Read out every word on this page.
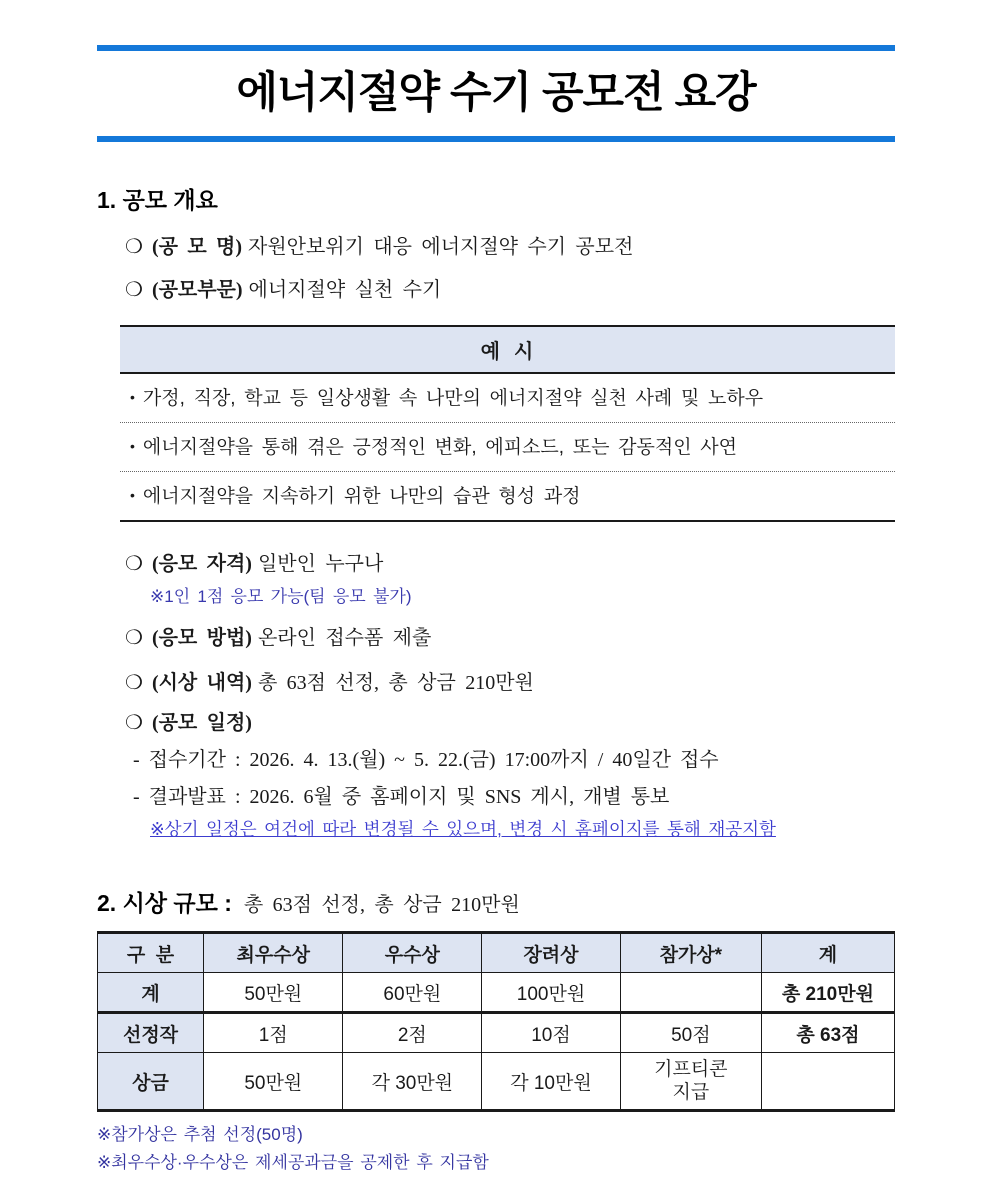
에너지절약 수기 공모전 요강
1. 공모 개요
❍ (공 모 명) 자원안보위기 대응 에너지절약 수기 공모전
❍ (공모부문) 에너지절약 실천 수기
예  시
• 가정, 직장, 학교 등 일상생활 속 나만의 에너지절약 실천 사례 및 노하우
• 에너지절약을 통해 겪은 긍정적인 변화, 에피소드, 또는 감동적인 사연
• 에너지절약을 지속하기 위한 나만의 습관 형성 과정
❍ (응모 자격) 일반인 누구나
※1인 1점 응모 가능(팀 응모 불가)
❍ (응모 방법) 온라인 접수폼 제출
❍ (시상 내역) 총 63점 선정, 총 상금 210만원
❍ (공모 일정)
- 접수기간 : 2026. 4. 13.(월) ~ 5. 22.(금) 17:00까지 / 40일간 접수
- 결과발표 : 2026. 6월 중 홈페이지 및 SNS 게시, 개별 통보
※상기 일정은 여건에 따라 변경될 수 있으며, 변경 시 홈페이지를 통해 재공지함
2. 시상 규모 : 총 63점 선정, 총 상금 210만원
구  분	최우수상	우수상	장려상	참가상*	계
계	50만원	60만원	100만원		총 210만원
선정작	1점	2점	10점	50점	총 63점
상금	50만원	각 30만원	각 10만원	기프티콘
지급	

※참가상은 추첨 선정(50명)
※최우수상·우수상은 제세공과금을 공제한 후 지급함
